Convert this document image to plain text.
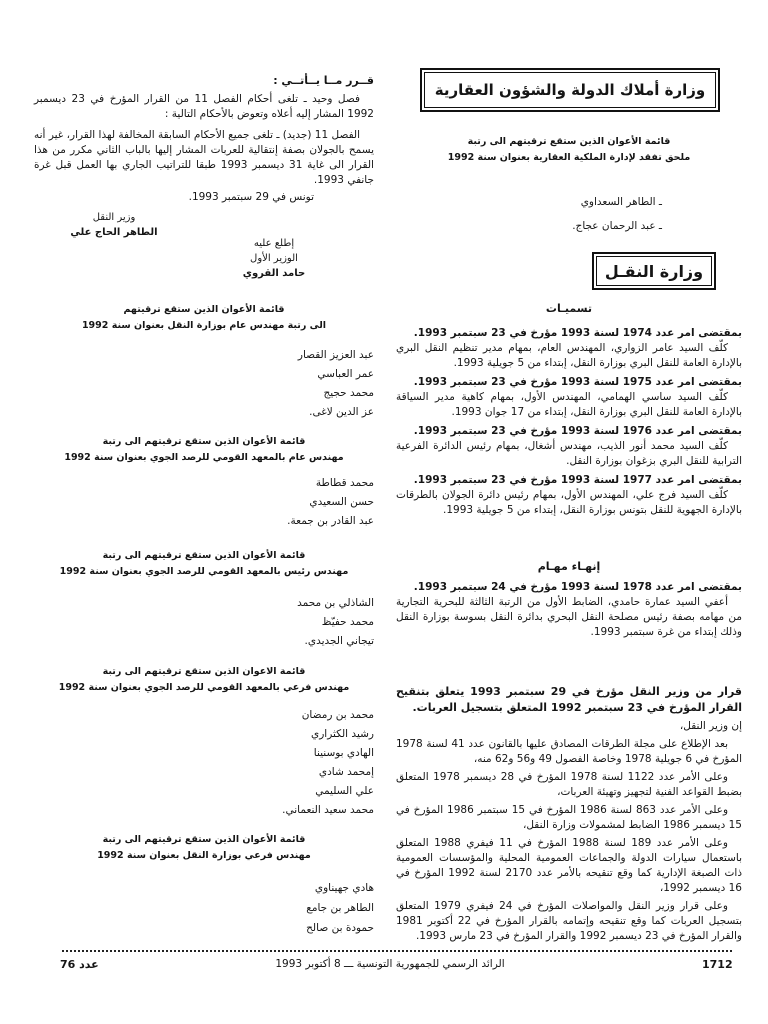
وزارة أملاك الدولة والشؤون العقارية

قائمة الأعوان الذين ستقع ترقيتهم الى رتبة

ملحق تفقد لإدارة الملكية العقارية بعنوان سنة 1992

ـ الطاهر السعداوي

ـ عبد الرحمان عجاج.

وزارة النقـل
تسميـات

بمقتضى امر عدد 1974 لسنة 1993 مؤرخ في 23 سبتمبر 1993.

كلّف السيد عامر الزواري، المهندس العام، بمهام مدير تنظيم النقل البري بالإدارة العامة للنقل البري بوزارة النقل، إبتداء من 5 جويلية 1993.

بمقتضى امر عدد 1975 لسنة 1993 مؤرخ في 23 سبتمبر 1993.

كلّف السيد ساسي الهمامي، المهندس الأول، بمهام كاهية مدير السياقة بالإدارة العامة للنقل البري بوزارة النقل، إبتداء من 17 جوان 1993.

بمقتضى امر عدد 1976 لسنة 1993 مؤرخ في 23 سبتمبر 1993.

كلّف السيد محمد أنور الذيب، مهندس أشغال، بمهام رئيس الدائرة الفرعية الترابية للنقل البري بزغوان بوزارة النقل.

بمقتضى امر عدد 1977 لسنة 1993 مؤرخ في 23 سبتمبر 1993.

كلّف السيد فرج علي، المهندس الأول، بمهام رئيس دائرة الجولان بالطرقات بالإدارة الجهوية للنقل بتونس بوزارة النقل، إبتداء من 5 جويلية 1993.

إنهـاء مهـام

بمقتضى امر عدد 1978 لسنة 1993 مؤرخ في 24 سبتمبر 1993.

أعفي السيد عمارة حامدي، الضابط الأول من الرتبة الثالثة للبحرية التجارية من مهامه بصفة رئيس مصلحة النقل البحري بدائرة النقل بسوسة بوزارة النقل وذلك إبتداء من غرة سبتمبر 1993.

قرار من وزير النقل مؤرخ في 29 سبتمبر 1993 يتعلق بتنقيح القرار المؤرخ في 23 سبتمبر 1992 المتعلق بتسجيل العربات.

إن وزير النقل،

بعد الإطلاع على مجلة الطرقات المصادق عليها بالقانون عدد 41 لسنة 1978 المؤرخ في 6 جويلية 1978 وخاصة الفصول 49 و56 و62 منه،

وعلى الأمر عدد 1122 لسنة 1978 المؤرخ في 28 ديسمبر 1978 المتعلق بضبط القواعد الفنية لتجهيز وتهيئة العربات،

وعلى الأمر عدد 863 لسنة 1986 المؤرخ في 15 سبتمبر 1986 المؤرخ في 15 ديسمبر 1986 الضابط لمشمولات وزارة النقل،

وعلى الأمر عدد 189 لسنة 1988 المؤرخ في 11 فيفري 1988 المتعلق باستعمال سيارات الدولة والجماعات العمومية المحلية والمؤسسات العمومية ذات الصبغة الإدارية كما وقع تنقيحه بالأمر عدد 2170 لسنة 1992 المؤرخ في 16 ديسمبر 1992،

وعلى قرار وزير النقل والمواصلات المؤرخ في 24 فيفري 1979 المتعلق بتسجيل العربات كما وقع تنقيحه وإتمامه بالقرار المؤرخ في 22 أكتوبر 1981 والقرار المؤرخ في 23 ديسمبر 1992 والقرار المؤرخ في 23 مارس 1993.

قــرر مــا يــأتــي :

فصل وحيد ـ تلغى أحكام الفصل 11 من القرار المؤرخ في 23 ديسمبر 1992 المشار إليه أعلاه وتعوض بالأحكام التالية :

الفصل 11 (جديد) ـ تلغى جميع الأحكام السابقة المخالفة لهذا القرار، غير أنه يسمح بالجولان بصفة إنتقالية للعربات المشار إليها بالباب الثاني مكرر من هذا القرار الى غاية 31 ديسمبر 1993 طبقا للتراتيب الجاري بها العمل قبل غرة جانفي 1993.

تونس في 29 سبتمبر 1993.

وزير النقل

الطاهر الحاج علي

إطلع عليه

الوزير الأول

حامد القروي

قائمة الأعوان الذين ستقع ترقيتهم

الى رتبة مهندس عام بوزارة النقل بعنوان سنة 1992

عبد العزيز القصار

عمر العباسي

محمد حجيج

عز الدين لاغى.

قائمة الأعوان الذين ستقع ترقيتهم الى رتبة

مهندس عام بالمعهد القومي للرصد الجوي بعنوان سنة 1992

محمد قطاطة

حسن السعيدي

عبد القادر بن جمعة.

قائمة الأعوان الذين ستقع ترقيتهم الى رتبة

مهندس رئيس بالمعهد القومي للرصد الجوي بعنوان سنة 1992

الشاذلي بن محمد

محمد حفيّظ

تيجاني الجديدي.

قائمة الاعوان الذين ستقع ترقيتهم الى رتبة

مهندس فرعي بالمعهد القومي للرصد الجوي بعنوان سنة 1992

محمد بن رمضان

رشيد الكثراري

الهادي بوسنينا

إمحمد شادي

علي السليمي

محمد سعيد النعماني.

قائمة الأعوان الذين ستقع ترقيتهم الى رتبة

مهندس فرعي بوزارة النقل بعنوان سنة 1992

هادي جهيناوي

الطاهر بن جامع

حمودة بن صالح

1712
الرائد الرسمي للجمهورية التونسية ـــ 8 أكتوبر 1993
عدد 76
